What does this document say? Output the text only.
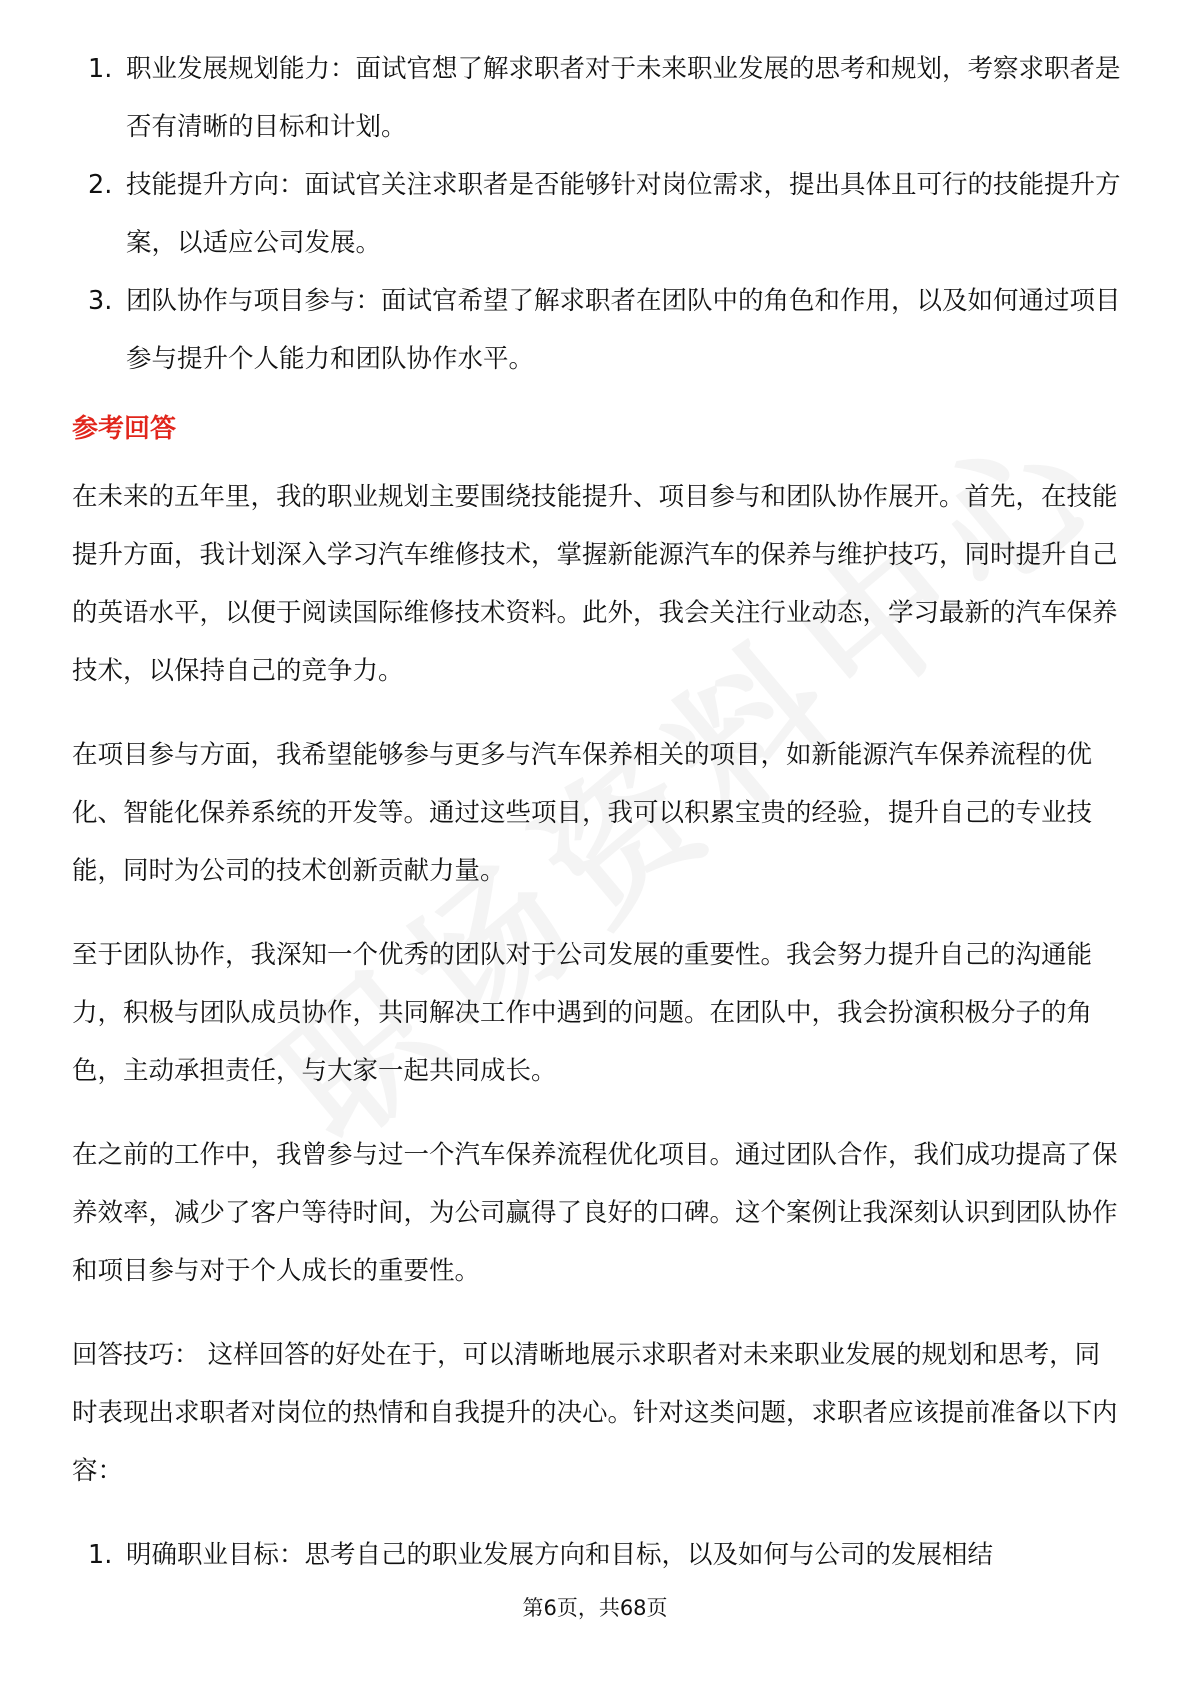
1. 职业发展规划能力：面试官想了解求职者对于未来职业发展的思考和规划，考察求职者是否有清晰的目标和计划。
2. 技能提升方向：面试官关注求职者是否能够针对岗位需求，提出具体且可行的技能提升方案，以适应公司发展。
3. 团队协作与项目参与：面试官希望了解求职者在团队中的角色和作用，以及如何通过项目参与提升个人能力和团队协作水平。
参考回答

在未来的五年里，我的职业规划主要围绕技能提升、项目参与和团队协作展开。首先，在技能提升方面，我计划深入学习汽车维修技术，掌握新能源汽车的保养与维护技巧，同时提升自己的英语水平，以便于阅读国际维修技术资料。此外，我会关注行业动态，学习最新的汽车保养技术，以保持自己的竞争力。

在项目参与方面，我希望能够参与更多与汽车保养相关的项目，如新能源汽车保养流程的优化、智能化保养系统的开发等。通过这些项目，我可以积累宝贵的经验，提升自己的专业技能，同时为公司的技术创新贡献力量。

至于团队协作，我深知一个优秀的团队对于公司发展的重要性。我会努力提升自己的沟通能力，积极与团队成员协作，共同解决工作中遇到的问题。在团队中，我会扮演积极分子的角色，主动承担责任，与大家一起共同成长。

在之前的工作中，我曾参与过一个汽车保养流程优化项目。通过团队合作，我们成功提高了保养效率，减少了客户等待时间，为公司赢得了良好的口碑。这个案例让我深刻认识到团队协作和项目参与对于个人成长的重要性。

回答技巧： 这样回答的好处在于，可以清晰地展示求职者对未来职业发展的规划和思考，同时表现出求职者对岗位的热情和自我提升的决心。针对这类问题，求职者应该提前准备以下内容：

1. 明确职业目标：思考自己的职业发展方向和目标，以及如何与公司的发展相结
第6页，共68页
